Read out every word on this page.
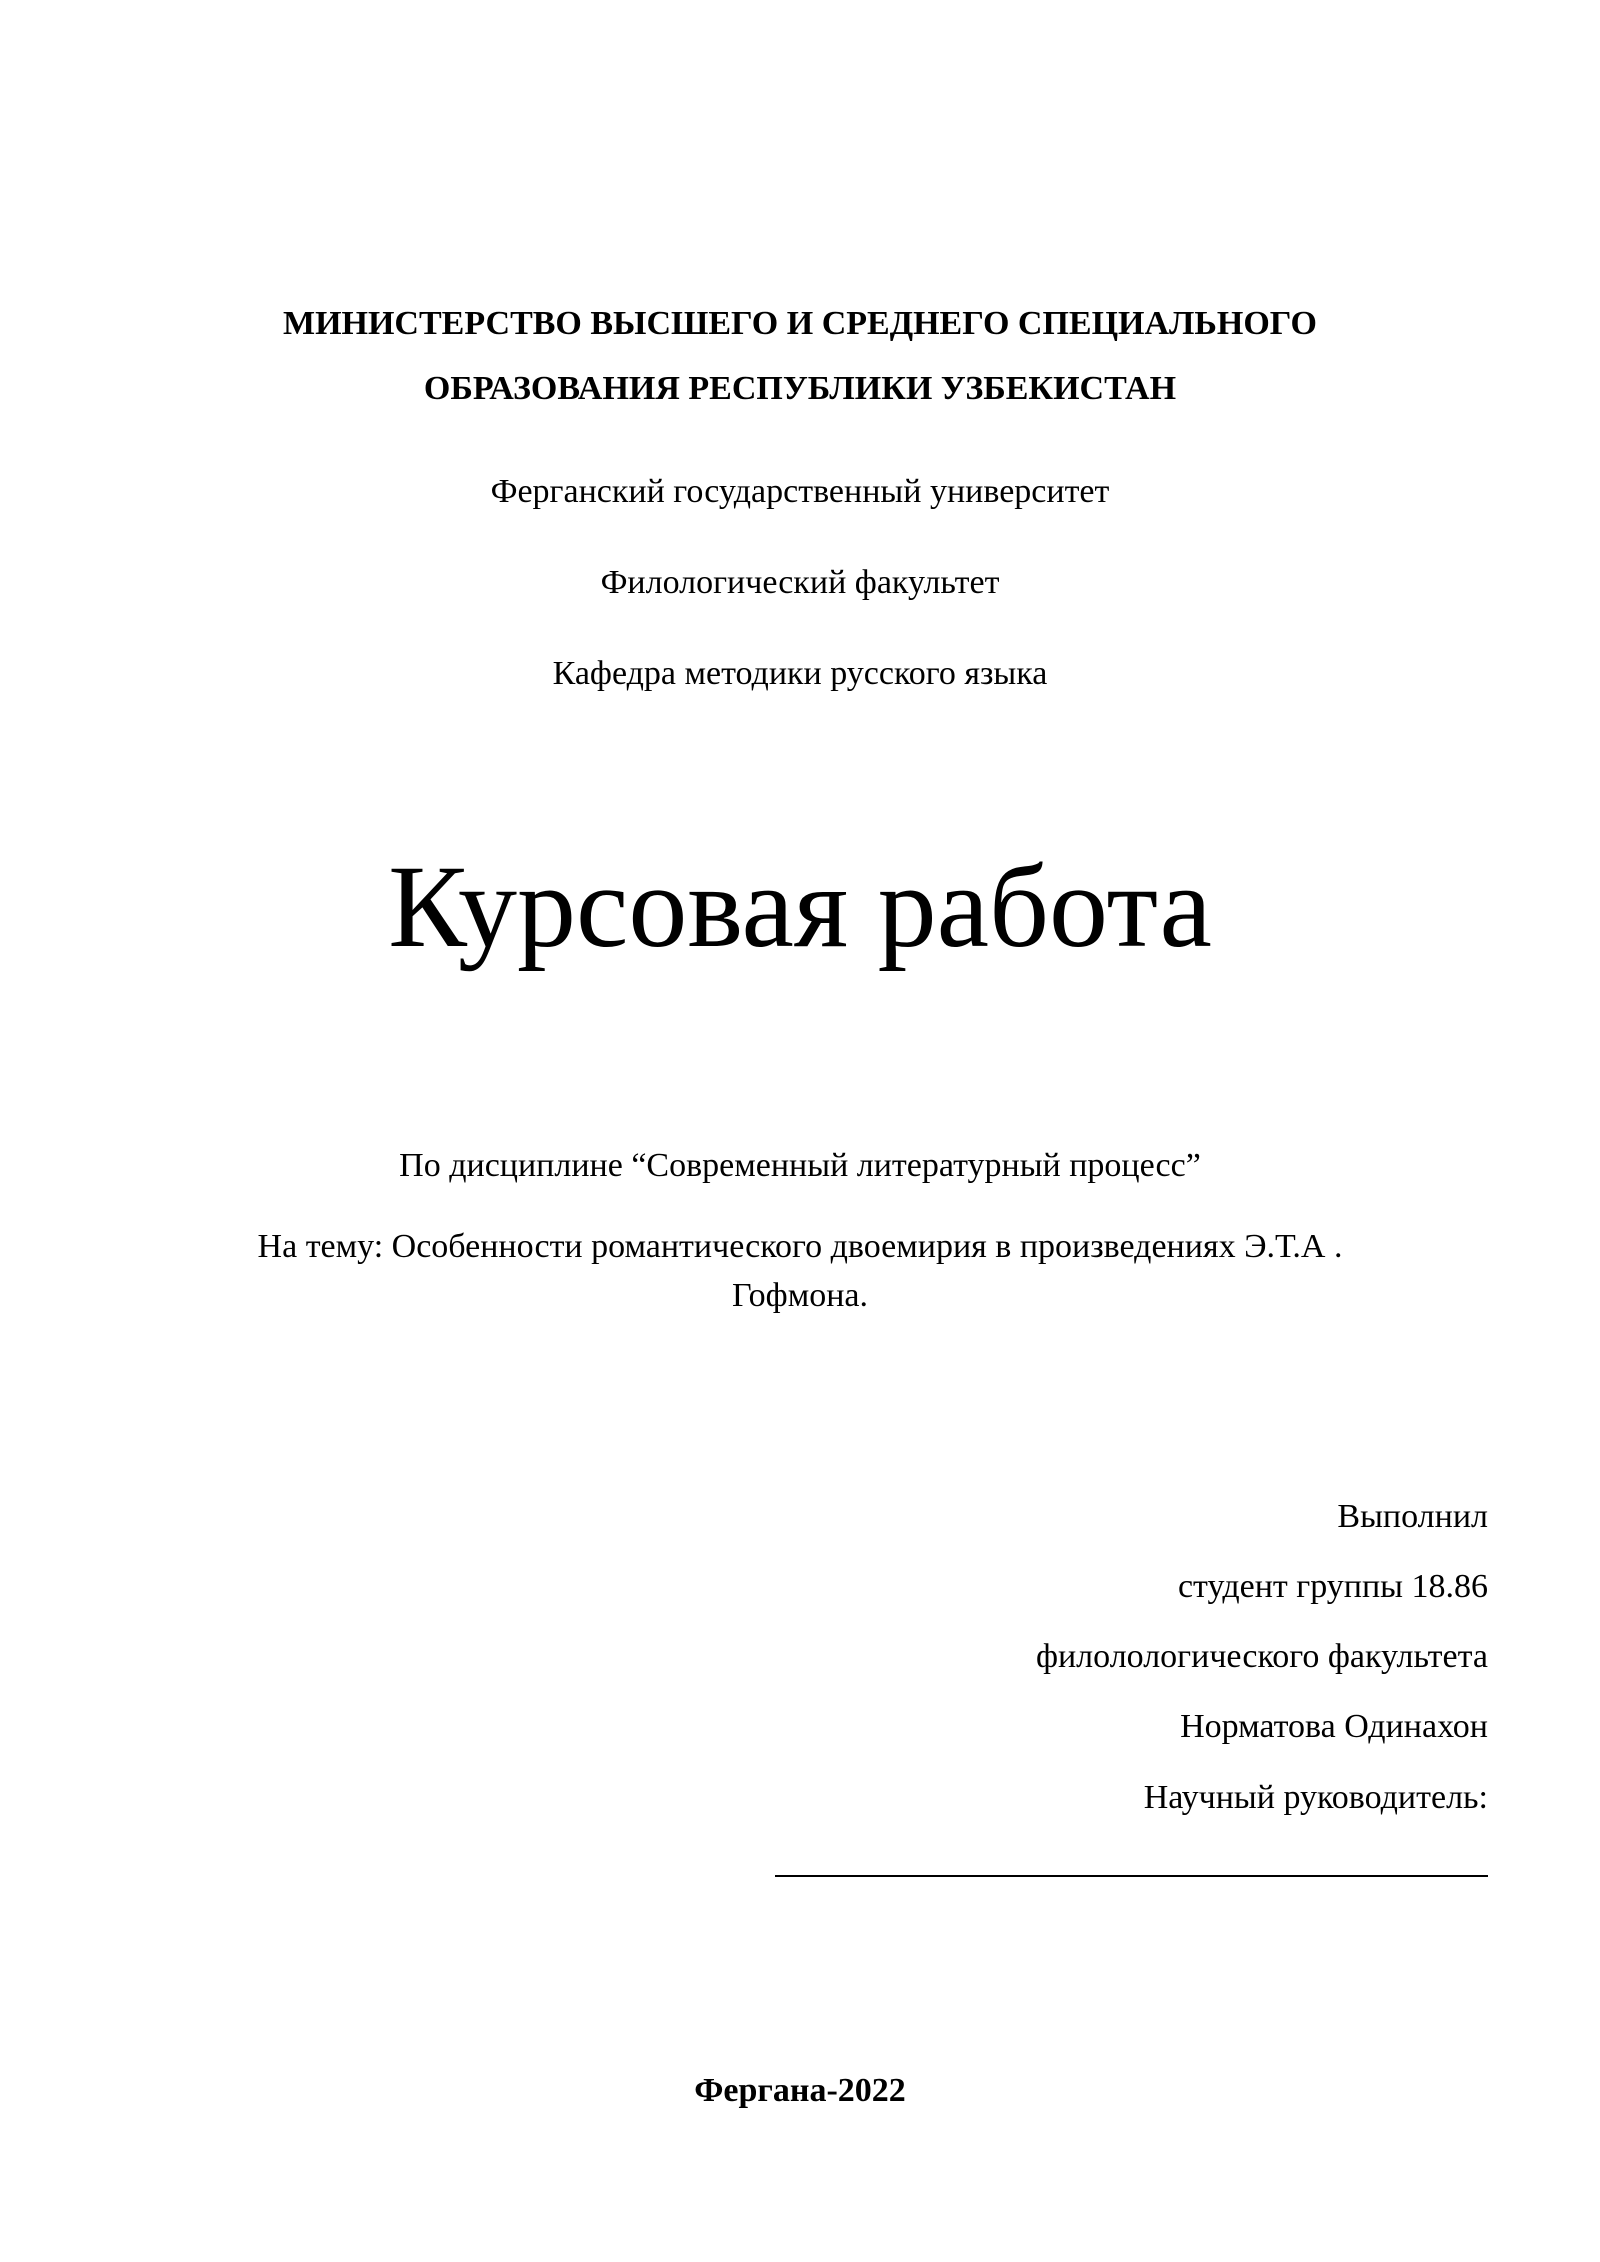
МИНИСТЕРСТВО ВЫСШЕГО И СРЕДНЕГО СПЕЦИАЛЬНОГО
ОБРАЗОВАНИЯ РЕСПУБЛИКИ УЗБЕКИСТАН
Ферганский государственный университет
Филологический факультет
Кафедра методики русского языка
Курсовая работа
По дисциплине “Современный литературный процесс”
На тему: Особенности романтического двоемирия в произведениях Э.Т.А .
Гофмона.
Выполнил
студент группы 18.86
филолологического факультета
Норматова Одинахон
Научный руководитель:
Фергана-2022
